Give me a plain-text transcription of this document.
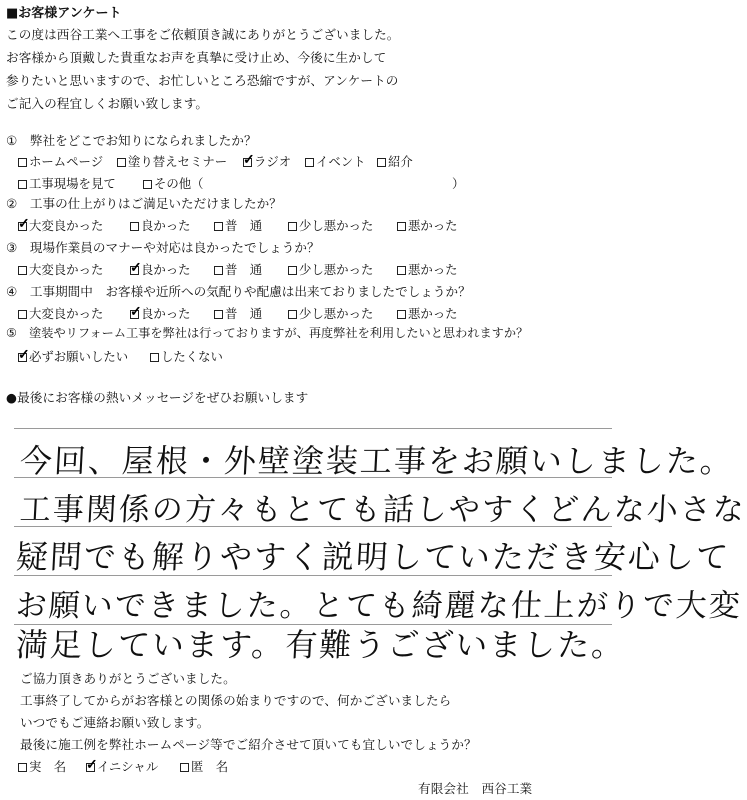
■お客様アンケート
この度は西谷工業へ工事をご依頼頂き誠にありがとうございました。
お客様から頂戴した貴重なお声を真摯に受け止め、今後に生かして
参りたいと思いますので、お忙しいところ恐縮ですが、アンケートの
ご記入の程宜しくお願い致します。
①　弊社をどこでお知りになられましたか？
ホームページ	塗り替えセミナー ✓	ラジオ	イベント	紹介
工事現場を見て	その他（	）
②　工事の仕上がりはご満足いただけましたか？
✓大変良かった	良かった	普　通	少し悪かった	悪かった
③　現場作業員のマナーや対応は良かったでしょうか？
大変良かった ✓	良かった	普　通	少し悪かった	悪かった
④　工事期間中　お客様や近所への気配りや配慮は出来ておりましたでしょうか？
大変良かった ✓	良かった	普　通	少し悪かった	悪かった
⑤　塗装やリフォーム工事を弊社は行っておりますが、再度弊社を利用したいと思われますか？
✓必ずお願いしたい	したくない
●最後にお客様の熱いメッセージをぜひお願いします
今回、屋根・外壁塗装工事をお願いしました。
工事関係の方々もとても話しやすくどんな小さな
疑問でも解りやすく説明していただき安心して
お願いできました。とても綺麗な仕上がりで大変
満足しています。有難うございました。
ご協力頂きありがとうございました。
工事終了してからがお客様との関係の始まりですので、何かございましたら
いつでもご連絡お願い致します。
最後に施工例を弊社ホームページ等でご紹介させて頂いても宜しいでしょうか？
実　名 ✓	イニシャル	匿　名
有限会社　西谷工業
